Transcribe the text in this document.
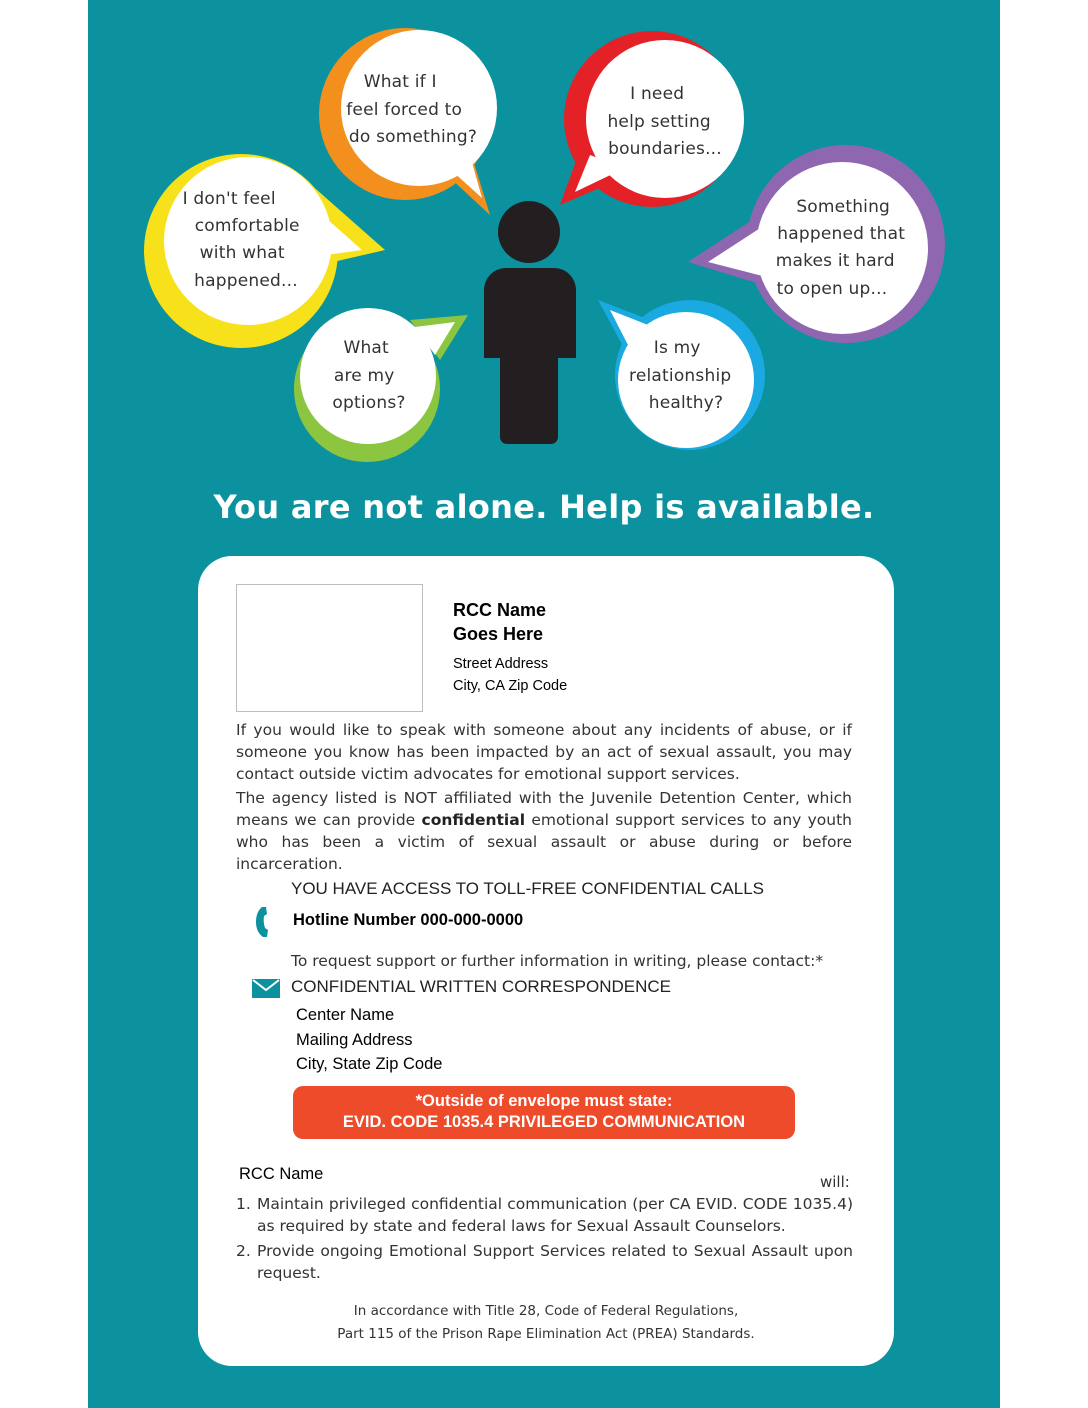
I don't feel comfortable with what happened...
What if I feel forced to do something?
I need help setting boundaries...
Something happened that makes it hard to open up...
What are my options?
Is my relationship healthy?
You are not alone. Help is available.
RCC Name
Goes Here
Street Address
City, CA Zip Code
If you would like to speak with someone about any incidents of abuse, or if someone you know has been impacted by an act of sexual assault, you may contact outside victim advocates for emotional support services.
The agency listed is NOT affiliated with the Juvenile Detention Center, which means we can provide confidential emotional support services to any youth who has been a victim of sexual assault or abuse during or before incarceration.
YOU HAVE ACCESS TO TOLL-FREE CONFIDENTIAL CALLS
Hotline Number 000-000-0000
To request support or further information in writing, please contact:*
CONFIDENTIAL WRITTEN CORRESPONDENCE
Center Name
Mailing Address
City, State Zip Code
*Outside of envelope must state:
EVID. CODE 1035.4 PRIVILEGED COMMUNICATION
RCC Name	will:
1. Maintain privileged confidential communication (per CA EVID. CODE 1035.4) as required by state and federal laws for Sexual Assault Counselors.
2. Provide ongoing Emotional Support Services related to Sexual Assault upon request.
In accordance with Title 28, Code of Federal Regulations,
Part 115 of the Prison Rape Elimination Act (PREA) Standards.
